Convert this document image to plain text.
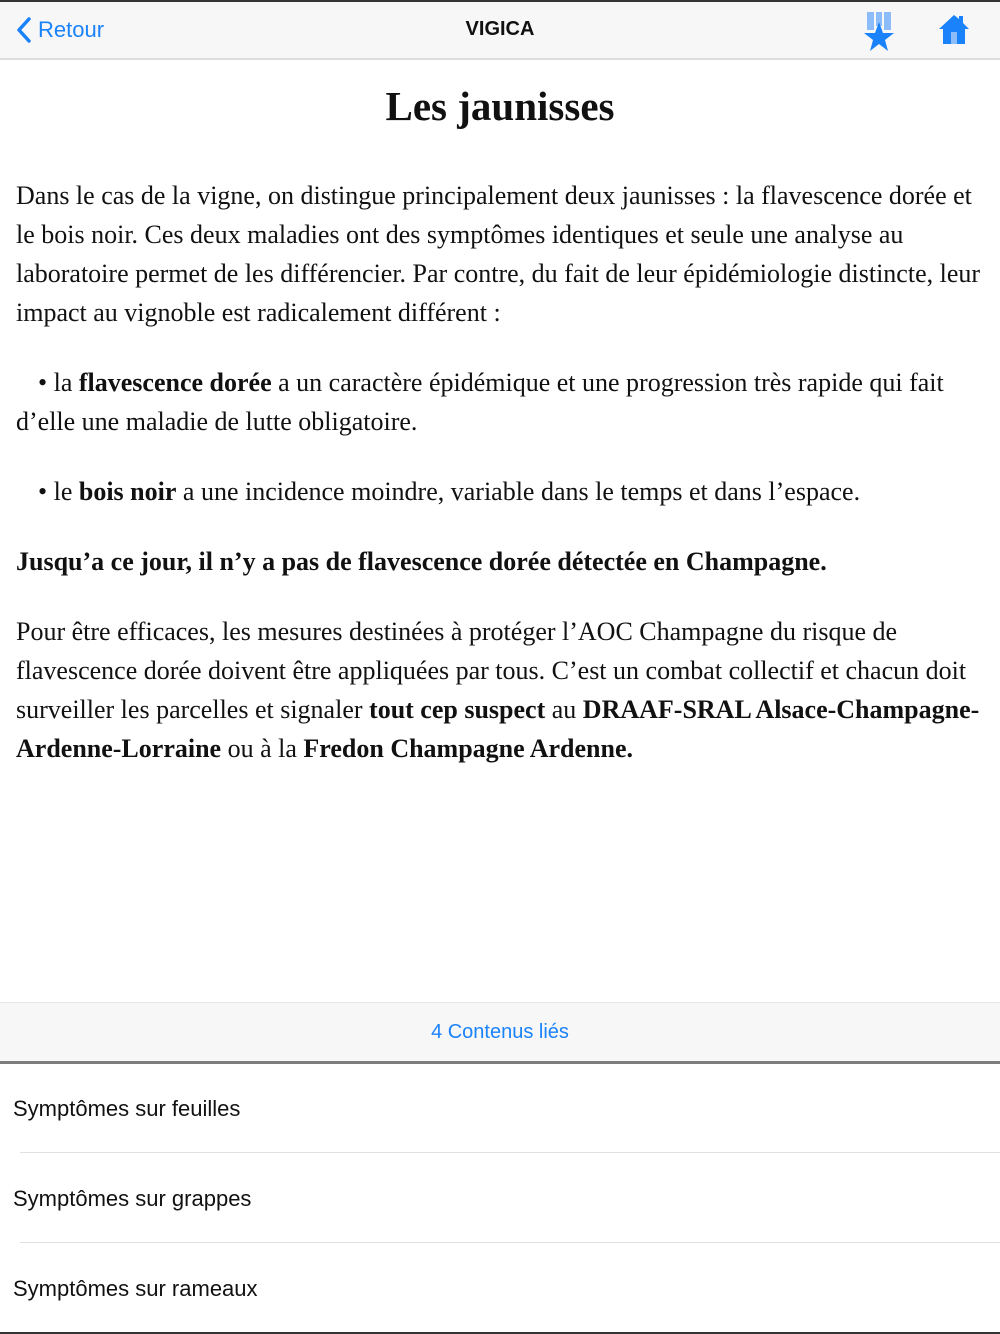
Retour	VIGICA
Les jaunisses

Dans le cas de la vigne, on distingue principalement deux jaunisses : la flavescence dorée et le bois noir. Ces deux maladies ont des symptômes identiques et seule une analyse au laboratoire permet de les différencier. Par contre, du fait de leur épidémiologie distincte, leur impact au vignoble est radicalement différent :

• la flavescence dorée a un caractère épidémique et une progression très rapide qui fait d’elle une maladie de lutte obligatoire.

• le bois noir a une incidence moindre, variable dans le temps et dans l’espace.

Jusqu’a ce jour, il n’y a pas de flavescence dorée détectée en Champagne.

Pour être efficaces, les mesures destinées à protéger l’AOC Champagne du risque de flavescence dorée doivent être appliquées par tous. C’est un combat collectif et chacun doit surveiller les parcelles et signaler tout cep suspect au DRAAF-SRAL Alsace-Champagne-Ardenne-Lorraine ou à la Fredon Champagne Ardenne.

4 Contenus liés
Symptômes sur feuilles
Symptômes sur grappes
Symptômes sur rameaux
